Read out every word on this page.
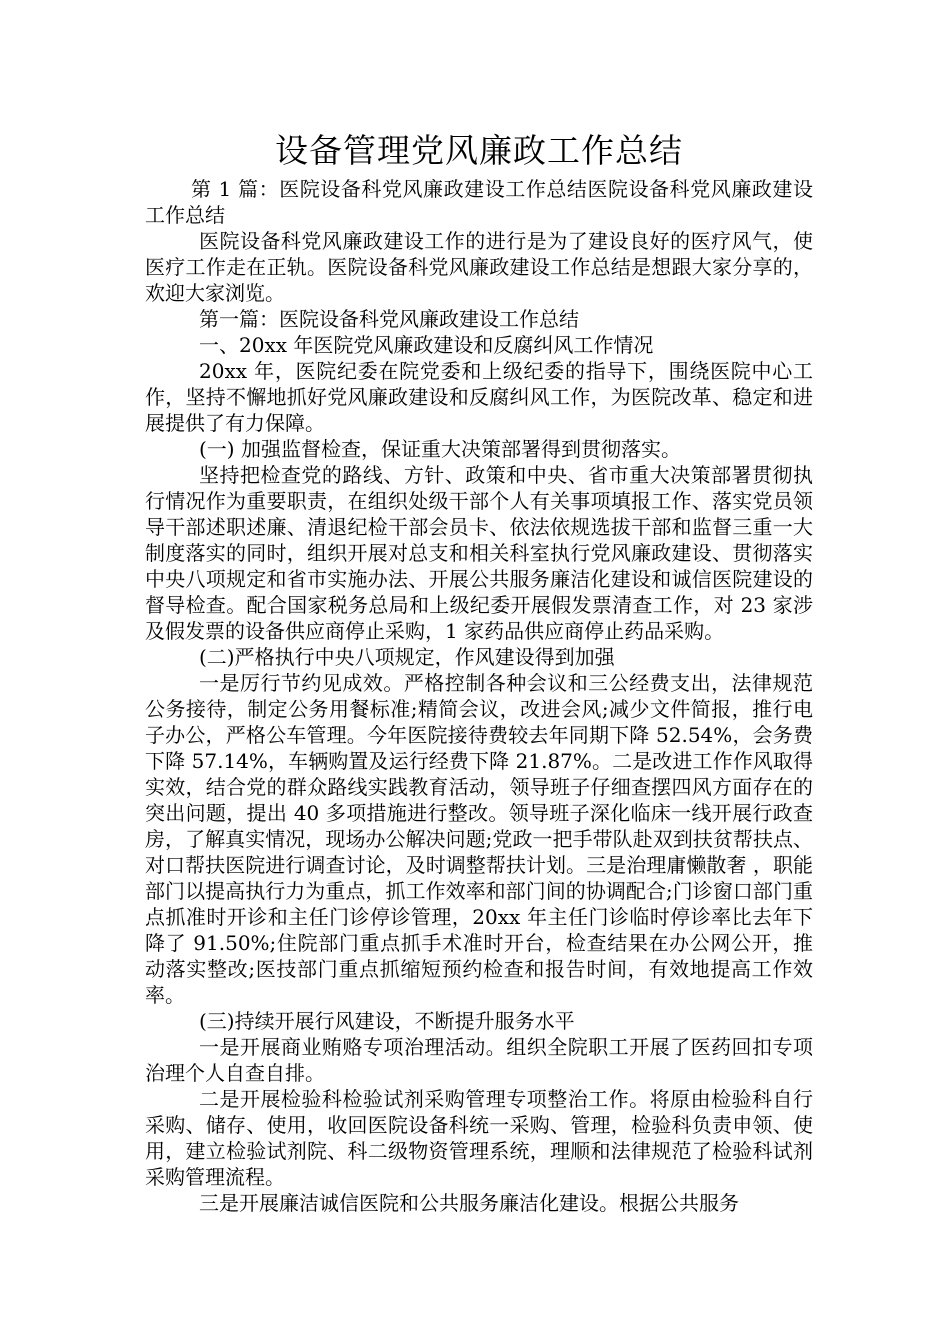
设备管理党风廉政工作总结

第 1 篇：医院设备科党风廉政建设工作总结医院设备科党风廉政建设工作总结

医院设备科党风廉政建设工作的进行是为了建设良好的医疗风气，使医疗工作走在正轨。医院设备科党风廉政建设工作总结是想跟大家分享的，欢迎大家浏览。

第一篇：医院设备科党风廉政建设工作总结

一、20xx 年医院党风廉政建设和反腐纠风工作情况

20xx 年，医院纪委在院党委和上级纪委的指导下，围绕医院中心工作，坚持不懈地抓好党风廉政建设和反腐纠风工作，为医院改革、稳定和进展提供了有力保障。

(一) 加强监督检查，保证重大决策部署得到贯彻落实。

坚持把检查党的路线、方针、政策和中央、省市重大决策部署贯彻执行情况作为重要职责，在组织处级干部个人有关事项填报工作、落实党员领导干部述职述廉、清退纪检干部会员卡、依法依规选拔干部和监督三重一大制度落实的同时，组织开展对总支和相关科室执行党风廉政建设、贯彻落实中央八项规定和省市实施办法、开展公共服务廉洁化建设和诚信医院建设的督导检查。配合国家税务总局和上级纪委开展假发票清查工作，对 23 家涉及假发票的设备供应商停止采购，1 家药品供应商停止药品采购。

(二)严格执行中央八项规定，作风建设得到加强

一是厉行节约见成效。严格控制各种会议和三公经费支出，法律规范公务接待，制定公务用餐标准;精简会议，改进会风;减少文件简报，推行电子办公，严格公车管理。今年医院接待费较去年同期下降 52.54%，会务费下降 57.14%，车辆购置及运行经费下降 21.87%。二是改进工作作风取得实效，结合党的群众路线实践教育活动，领导班子仔细查摆四风方面存在的突出问题，提出 40 多项措施进行整改。领导班子深化临床一线开展行政查房，了解真实情况，现场办公解决问题;党政一把手带队赴双到扶贫帮扶点、对口帮扶医院进行调查讨论，及时调整帮扶计划。三是治理庸懒散奢 ，职能部门以提高执行力为重点，抓工作效率和部门间的协调配合;门诊窗口部门重点抓准时开诊和主任门诊停诊管理，20xx 年主任门诊临时停诊率比去年下降了 91.50%;住院部门重点抓手术准时开台，检查结果在办公网公开，推动落实整改;医技部门重点抓缩短预约检查和报告时间，有效地提高工作效率。

(三)持续开展行风建设，不断提升服务水平

一是开展商业贿赂专项治理活动。组织全院职工开展了医药回扣专项治理个人自查自排。

二是开展检验科检验试剂采购管理专项整治工作。将原由检验科自行采购、储存、使用，收回医院设备科统一采购、管理，检验科负责申领、使用，建立检验试剂院、科二级物资管理系统，理顺和法律规范了检验科试剂采购管理流程。

三是开展廉洁诚信医院和公共服务廉洁化建设。根据公共服务
